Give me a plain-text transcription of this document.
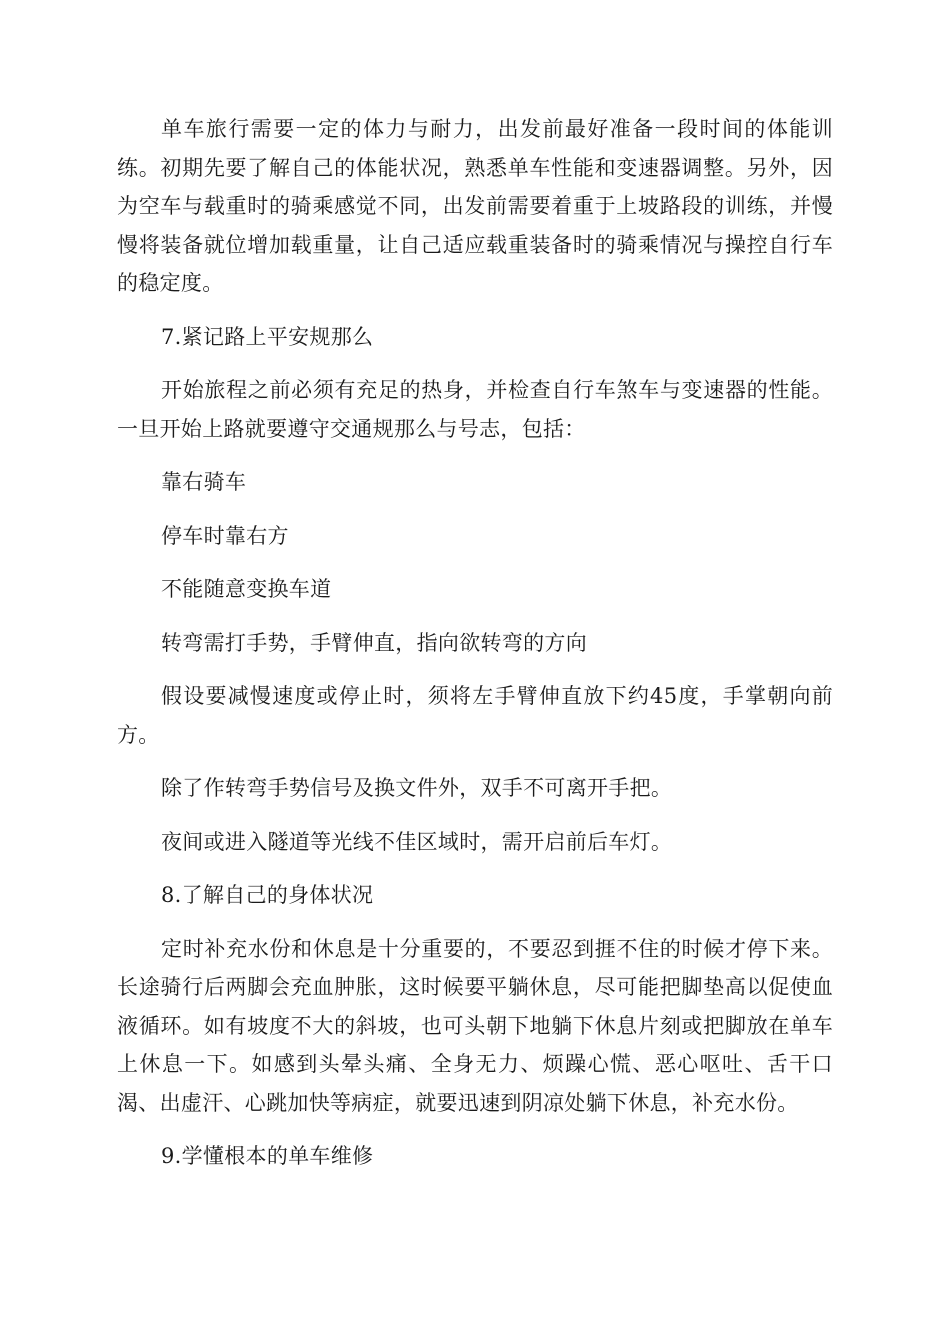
单车旅行需要一定的体力与耐力，出发前最好准备一段时间的体能训练。初期先要了解自己的体能状况，熟悉单车性能和变速器调整。另外，因为空车与载重时的骑乘感觉不同，出发前需要着重于上坡路段的训练，并慢慢将装备就位增加载重量，让自己适应载重装备时的骑乘情况与操控自行车的稳定度。

7.紧记路上平安规那么

开始旅程之前必须有充足的热身，并检查自行车煞车与变速器的性能。一旦开始上路就要遵守交通规那么与号志，包括：

靠右骑车

停车时靠右方

不能随意变换车道

转弯需打手势，手臂伸直，指向欲转弯的方向

假设要减慢速度或停止时，须将左手臂伸直放下约45度，手掌朝向前方。

除了作转弯手势信号及换文件外，双手不可离开手把。

夜间或进入隧道等光线不佳区域时，需开启前后车灯。

8.了解自己的身体状况

定时补充水份和休息是十分重要的，不要忍到捱不住的时候才停下来。长途骑行后两脚会充血肿胀，这时候要平躺休息，尽可能把脚垫高以促使血液循环。如有坡度不大的斜坡，也可头朝下地躺下休息片刻或把脚放在单车上休息一下。如感到头晕头痛、全身无力、烦躁心慌、恶心呕吐、舌干口渴、出虚汗、心跳加快等病症，就要迅速到阴凉处躺下休息，补充水份。

9.学懂根本的单车维修
